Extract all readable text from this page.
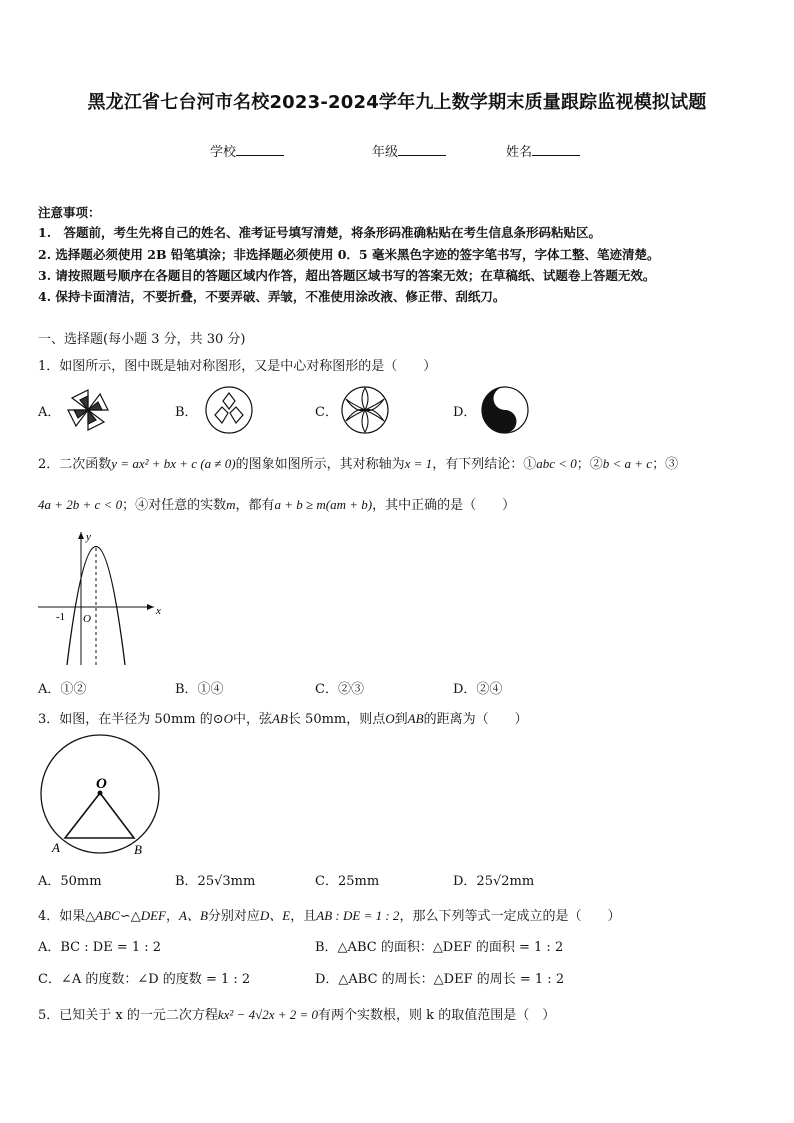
黑龙江省七台河市名校2023-2024学年九上数学期末质量跟踪监视模拟试题
学校	年级	姓名
注意事项：
1.　答题前，考生先将自己的姓名、准考证号填写清楚，将条形码准确粘贴在考生信息条形码粘贴区。
2. 选择题必须使用 2B 铅笔填涂；非选择题必须使用 0．5 毫米黑色字迹的签字笔书写，字体工整、笔迹清楚。
3. 请按照题号顺序在各题目的答题区域内作答，超出答题区域书写的答案无效；在草稿纸、试题卷上答题无效。
4. 保持卡面清洁，不要折叠，不要弄破、弄皱，不准使用涂改液、修正带、刮纸刀。
一、选择题(每小题 3 分，共 30 分)
1．如图所示，图中既是轴对称图形，又是中心对称图形的是（　　）
A．	B．	C．	D．
2．二次函数y = ax² + bx + c (a ≠ 0)的图象如图所示，其对称轴为x = 1，有下列结论：①abc < 0；②b < a + c；③
4a + 2b + c < 0；④对任意的实数m，都有a + b ≥ m(am + b)，其中正确的是（　　）
y
x
-1 O
A．①②	B．①④	C．②③	D．②④
3．如图，在半径为 50mm 的⊙O中，弦AB长 50mm，则点O到AB的距离为（　　）
O
A	B
A．50mm	B．25√3mm	C．25mm	D．25√2mm
4．如果△ABC∽△DEF，A、B分别对应D、E，且AB : DE = 1 : 2，那么下列等式一定成立的是（　　）
A．BC : DE = 1 : 2	B．△ABC 的面积：△DEF 的面积 = 1 : 2
C．∠A 的度数：∠D 的度数 = 1 : 2	D．△ABC 的周长：△DEF 的周长 = 1 : 2
5．已知关于 x 的一元二次方程kx² − 4√2x + 2 = 0有两个实数根，则 k 的取值范围是（　）
